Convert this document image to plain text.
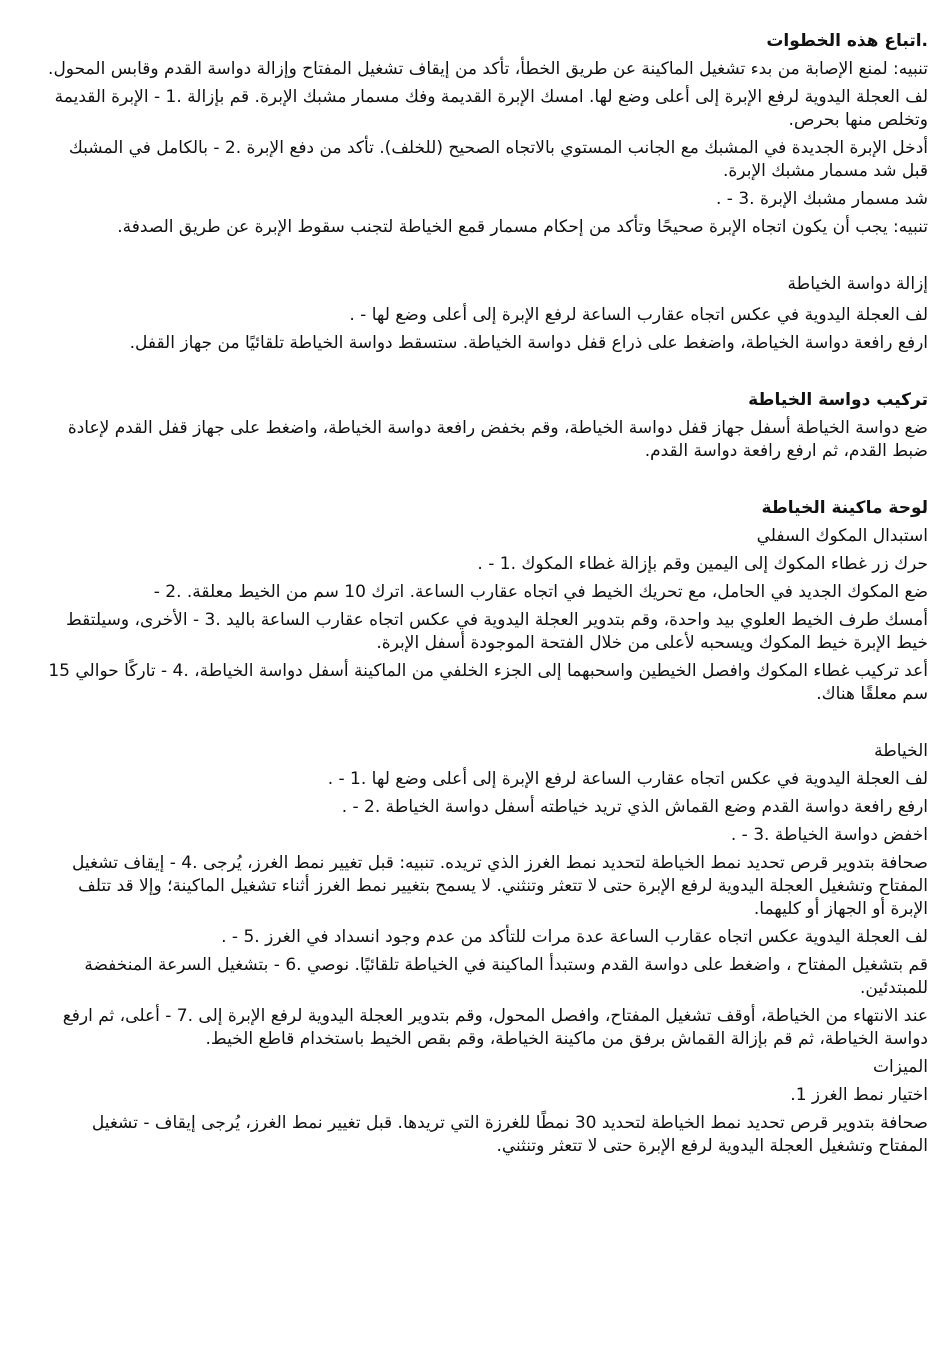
.اتباع هذه الخطوات

تنبيه: لمنع الإصابة من بدء تشغيل الماكينة عن طريق الخطأ، تأكد من إيقاف تشغيل المفتاح وإزالة دواسة القدم وقابس المحول.

لف العجلة اليدوية لرفع الإبرة إلى أعلى وضع لها. امسك الإبرة القديمة وفك مسمار مشبك الإبرة. قم بإزالة .1 - الإبرة القديمة وتخلص منها بحرص.

أدخل الإبرة الجديدة في المشبك مع الجانب المستوي بالاتجاه الصحيح (للخلف). تأكد من دفع الإبرة .2 - بالكامل في المشبك قبل شد مسمار مشبك الإبرة.

شد مسمار مشبك الإبرة .3 - .

تنبيه: يجب أن يكون اتجاه الإبرة صحيحًا وتأكد من إحكام مسمار قمع الخياطة لتجنب سقوط الإبرة عن طريق الصدفة.

إزالة دواسة الخياطة

لف العجلة اليدوية في عكس اتجاه عقارب الساعة لرفع الإبرة إلى أعلى وضع لها - .

ارفع رافعة دواسة الخياطة، واضغط على ذراع قفل دواسة الخياطة. ستسقط دواسة الخياطة تلقائيًا من جهاز القفل.

تركيب دواسة الخياطة

ضع دواسة الخياطة أسفل جهاز قفل دواسة الخياطة، وقم بخفض رافعة دواسة الخياطة، واضغط على جهاز قفل القدم لإعادة ضبط القدم، ثم ارفع رافعة دواسة القدم.

لوحة ماكينة الخياطة

استبدال المكوك السفلي

حرك زر غطاء المكوك إلى اليمين وقم بإزالة غطاء المكوك .1 - .

ضع المكوك الجديد في الحامل، مع تحريك الخيط في اتجاه عقارب الساعة. اترك 10 سم من الخيط معلقة. .2 -

أمسك طرف الخيط العلوي بيد واحدة، وقم بتدوير العجلة اليدوية في عكس اتجاه عقارب الساعة باليد .3 - الأخرى، وسيلتقط خيط الإبرة خيط المكوك ويسحبه لأعلى من خلال الفتحة الموجودة أسفل الإبرة.

أعد تركيب غطاء المكوك وافصل الخيطين واسحبهما إلى الجزء الخلفي من الماكينة أسفل دواسة الخياطة، .4 - تاركًا حوالي 15 سم معلقًا هناك.

الخياطة

لف العجلة اليدوية في عكس اتجاه عقارب الساعة لرفع الإبرة إلى أعلى وضع لها .1 - .

ارفع رافعة دواسة القدم وضع القماش الذي تريد خياطته أسفل دواسة الخياطة .2 - .

اخفض دواسة الخياطة .3 - .

صحافة بتدوير قرص تحديد نمط الخياطة لتحديد نمط الغرز الذي تريده. تنبيه: قبل تغيير نمط الغرز، يُرجى .4 - إيقاف تشغيل المفتاح وتشغيل العجلة اليدوية لرفع الإبرة حتى لا تتعثر وتنثني. لا يسمح بتغيير نمط الغرز أثناء تشغيل الماكينة؛ وإلا قد تتلف الإبرة أو الجهاز أو كليهما.

لف العجلة اليدوية عكس اتجاه عقارب الساعة عدة مرات للتأكد من عدم وجود انسداد في الغرز .5 - .

قم بتشغيل المفتاح ، واضغط على دواسة القدم وستبدأ الماكينة في الخياطة تلقائيًا. نوصي .6 - بتشغيل السرعة المنخفضة للمبتدئين.

عند الانتهاء من الخياطة، أوقف تشغيل المفتاح، وافصل المحول، وقم بتدوير العجلة اليدوية لرفع الإبرة إلى .7 - أعلى، ثم ارفع دواسة الخياطة، ثم قم بإزالة القماش برفق من ماكينة الخياطة، وقم بقص الخيط باستخدام قاطع الخيط.

الميزات

اختيار نمط الغرز 1.

صحافة بتدوير قرص تحديد نمط الخياطة لتحديد 30 نمطًا للغرزة التي تريدها. قبل تغيير نمط الغرز، يُرجى إيقاف - تشغيل المفتاح وتشغيل العجلة اليدوية لرفع الإبرة حتى لا تتعثر وتنثني.
